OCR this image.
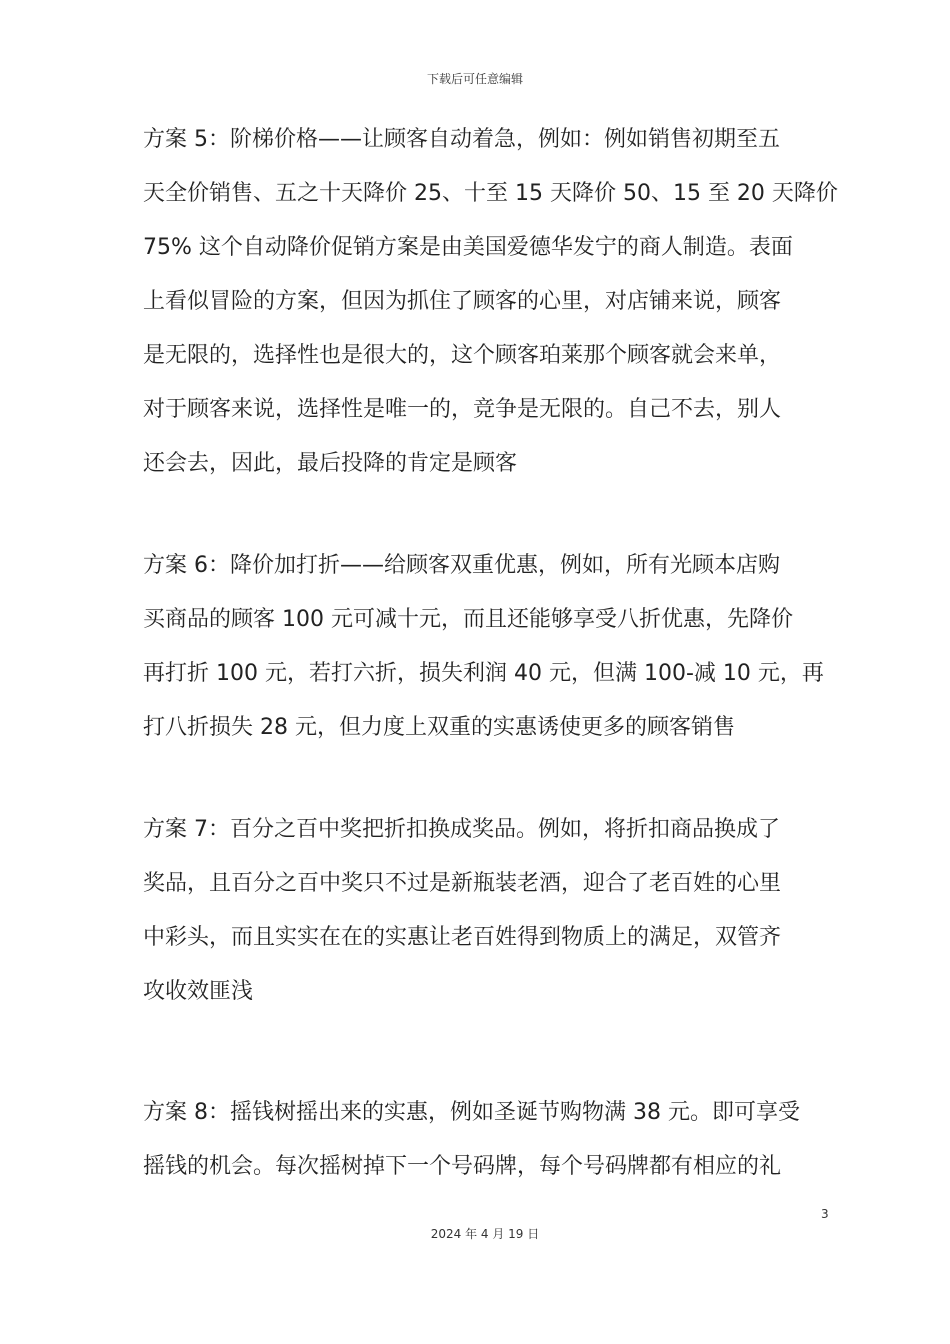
下载后可任意编辑
方案 5：阶梯价格——让顾客自动着急，例如：例如销售初期至五
天全价销售、五之十天降价 25、十至 15 天降价 50、15 至 20 天降价
75% 这个自动降价促销方案是由美国爱德华发宁的商人制造。表面
上看似冒险的方案，但因为抓住了顾客的心里，对店铺来说，顾客
是无限的，选择性也是很大的，这个顾客珀莱那个顾客就会来单，
对于顾客来说，选择性是唯一的，竞争是无限的。自己不去，别人
还会去，因此，最后投降的肯定是顾客
方案 6：降价加打折——给顾客双重优惠，例如，所有光顾本店购
买商品的顾客 100 元可减十元，而且还能够享受八折优惠，先降价
再打折 100 元，若打六折，损失利润 40 元，但满 100-减 10 元，再
打八折损失 28 元，但力度上双重的实惠诱使更多的顾客销售
方案 7：百分之百中奖把折扣换成奖品。例如，将折扣商品换成了
奖品，且百分之百中奖只不过是新瓶装老酒，迎合了老百姓的心里
中彩头，而且实实在在的实惠让老百姓得到物质上的满足，双管齐
攻收效匪浅
方案 8：摇钱树摇出来的实惠，例如圣诞节购物满 38 元。即可享受
摇钱的机会。每次摇树掉下一个号码牌，每个号码牌都有相应的礼
3
2024 年 4 月 19 日
